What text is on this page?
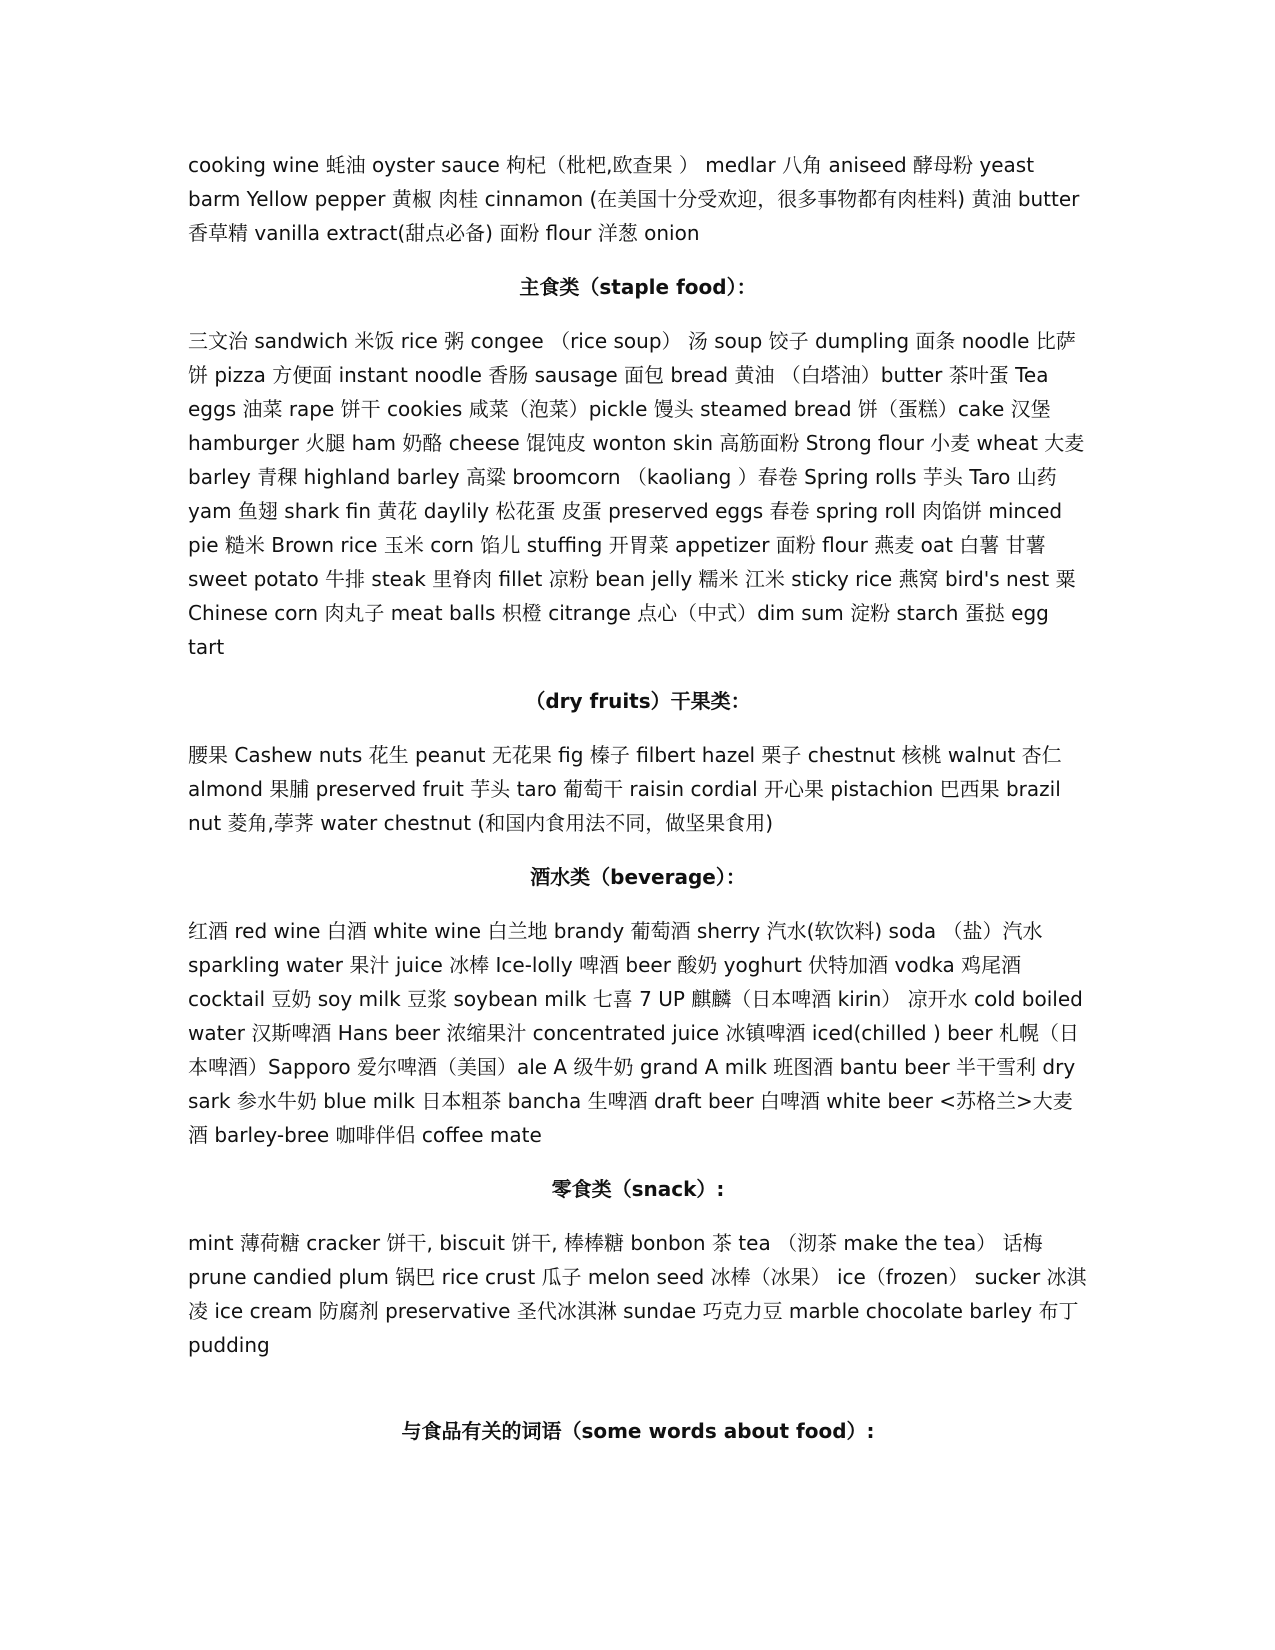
cooking wine 蚝油 oyster sauce 枸杞（枇杷,欧查果 ） medlar 八角 aniseed 酵母粉 yeast barm Yellow pepper 黄椒 肉桂 cinnamon (在美国十分受欢迎，很多事物都有肉桂料) 黄油 butter 香草精 vanilla extract(甜点必备) 面粉 flour 洋葱 onion

主食类（staple food）：

三文治 sandwich 米饭 rice 粥 congee （rice soup） 汤 soup 饺子 dumpling 面条 noodle 比萨饼 pizza 方便面 instant noodle 香肠 sausage 面包 bread 黄油 （白塔油）butter 茶叶蛋 Tea eggs 油菜 rape 饼干 cookies 咸菜（泡菜）pickle 馒头 steamed bread 饼（蛋糕）cake 汉堡 hamburger 火腿 ham 奶酪 cheese 馄饨皮 wonton skin 高筋面粉 Strong flour 小麦 wheat 大麦 barley 青稞 highland barley 高粱 broomcorn （kaoliang ）春卷 Spring rolls 芋头 Taro 山药 yam 鱼翅 shark fin 黄花 daylily 松花蛋 皮蛋 preserved eggs 春卷 spring roll 肉馅饼 minced pie 糙米 Brown rice 玉米 corn 馅儿 stuffing 开胃菜 appetizer 面粉 flour 燕麦 oat 白薯 甘薯 sweet potato 牛排 steak 里脊肉 fillet 凉粉 bean jelly 糯米 江米 sticky rice 燕窝 bird's nest 粟 Chinese corn 肉丸子 meat balls 枳橙 citrange 点心（中式）dim sum 淀粉 starch 蛋挞 egg tart

（dry fruits）干果类：

腰果 Cashew nuts 花生 peanut 无花果 fig 榛子 filbert hazel 栗子 chestnut 核桃 walnut 杏仁 almond 果脯 preserved fruit 芋头 taro 葡萄干 raisin cordial 开心果 pistachion 巴西果 brazil nut 菱角,荸荠 water chestnut (和国内食用法不同，做坚果食用)

酒水类（beverage）：

红酒 red wine 白酒 white wine 白兰地 brandy 葡萄酒 sherry 汽水(软饮料) soda （盐）汽水 sparkling water 果汁 juice 冰棒 Ice-lolly 啤酒 beer 酸奶 yoghurt 伏特加酒 vodka 鸡尾酒 cocktail 豆奶 soy milk 豆浆 soybean milk 七喜 7 UP 麒麟（日本啤酒 kirin） 凉开水 cold boiled water 汉斯啤酒 Hans beer 浓缩果汁 concentrated juice 冰镇啤酒 iced(chilled ) beer 札幌（日本啤酒）Sapporo 爱尔啤酒（美国）ale A 级牛奶 grand A milk 班图酒 bantu beer 半干雪利 dry sark 参水牛奶 blue milk 日本粗茶 bancha 生啤酒 draft beer 白啤酒 white beer <苏格兰>大麦酒 barley-bree 咖啡伴侣 coffee mate

零食类（snack）:

mint 薄荷糖 cracker 饼干, biscuit 饼干, 棒棒糖 bonbon 茶 tea （沏茶 make the tea） 话梅 prune candied plum 锅巴 rice crust 瓜子 melon seed 冰棒（冰果） ice（frozen） sucker 冰淇凌 ice cream 防腐剂 preservative 圣代冰淇淋 sundae 巧克力豆 marble chocolate barley 布丁 pudding

与食品有关的词语（some words about food）:
